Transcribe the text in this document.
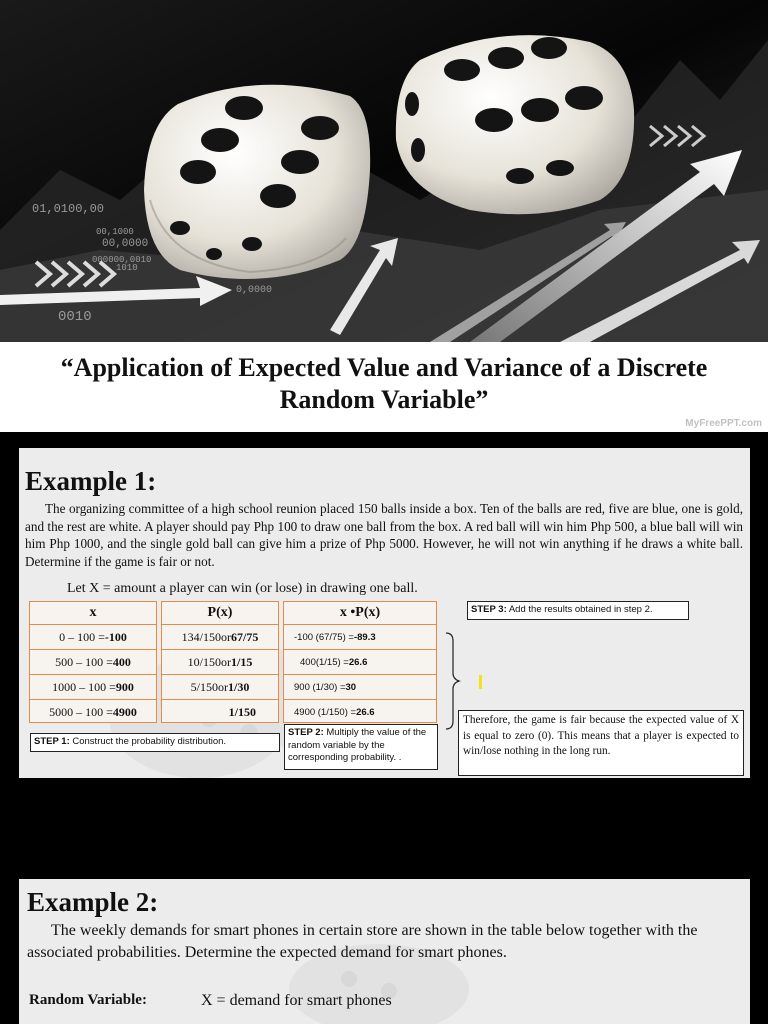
01,0100,00
00,0000
000000,0010
0,0000
1010
00,1000
0010
“Application of Expected Value and Variance of a Discrete Random Variable”
MyFreePPT.com
Example 1:
The organizing committee of a high school reunion placed 150 balls inside a box. Ten of the balls are red, five are blue, one is gold, and the rest are white. A player should pay Php 100 to draw one ball from the box. A red ball will win him Php 500, a blue ball will win him Php 1000, and the single gold ball can give him a prize of Php 5000. However, he will not win anything if he draws a white ball. Determine if the game is fair or not.
Let X = amount a player can win (or lose) in drawing one ball.
x
0 – 100 = -100
500 – 100 = 400
1000 – 100 = 900
5000 – 100 = 4900
P(x)
134/150 or 67/75
10/150 or 1/15
5/150 or 1/30
1/150
x •P(x)
-100 (67/75) = -89.3
400(1/15) = 26.6
900 (1/30) = 30
4900 (1/150) = 26.6
STEP 1: Construct the probability distribution.
STEP 2: Multiply the value of the random variable by the corresponding probability. .
STEP 3: Add the results obtained in step 2.
Therefore, the game is fair because the expected value of X is equal to zero (0). This means that a player is expected to win/lose nothing in the long run.
Example 2:
The weekly demands for smart phones in certain store are shown in the table below together with the associated probabilities. Determine the expected demand for smart phones.
Random Variable:	X = demand for smart phones
